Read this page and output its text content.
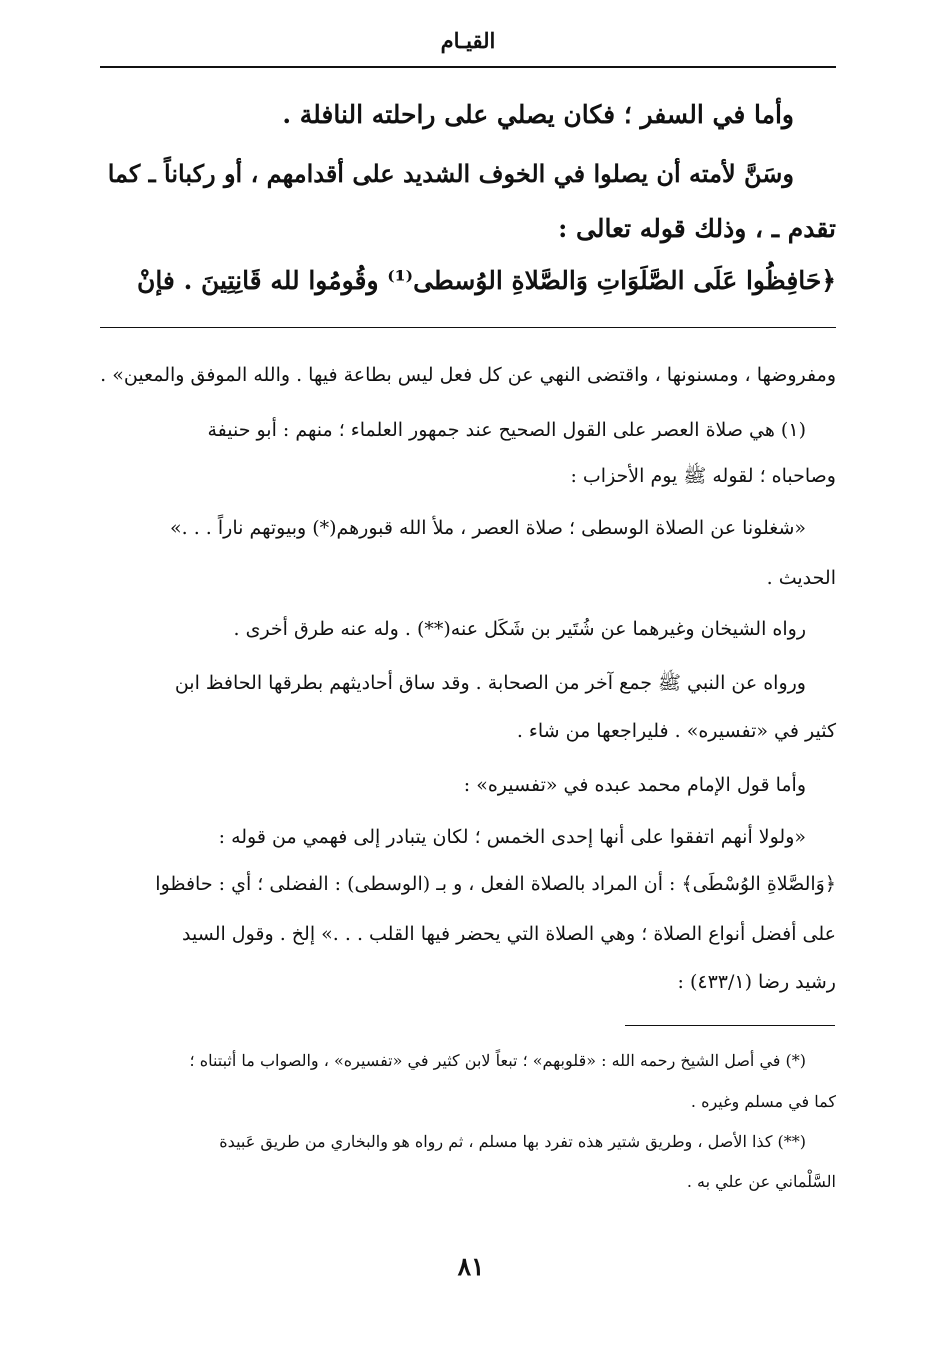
القيـام
وأما في السفر ؛ فكان يصلي على راحلته النافلة .
وسَنَّ لأمته أن يصلوا في الخوف الشديد على أقدامهم ، أو ركباناً ـ كما
تقدم ـ ، وذلك قوله تعالى :
﴿حَافِظُوا عَلَى الصَّلَوَاتِ وَالصَّلاةِ الوُسطى⁽¹⁾ وقُومُوا لله قَانِتِينَ . فإنْ
ومفروضها ، ومسنونها ، واقتضى النهي عن كل فعل ليس بطاعة فيها . والله الموفق والمعين» .
(١) هي صلاة العصر على القول الصحيح عند جمهور العلماء ؛ منهم : أبو حنيفة
وصاحباه ؛ لقوله ﷺ يوم الأحزاب :
«شغلونا عن الصلاة الوسطى ؛ صلاة العصر ، ملأ الله قبورهم(*) وبيوتهم ناراً . . .»
الحديث .
رواه الشيخان وغيرهما عن شُتَير بن شَكَل عنه(**) . وله عنه طرق أخرى .
ورواه عن النبي ﷺ جمع آخر من الصحابة . وقد ساق أحاديثهم بطرقها الحافظ ابن
كثير في «تفسيره» . فليراجعها من شاء .
وأما قول الإمام محمد عبده في «تفسيره» :
«ولولا أنهم اتفقوا على أنها إحدى الخمس ؛ لكان يتبادر إلى فهمي من قوله :
﴿وَالصَّلاةِ الوُسْطَى﴾ : أن المراد بالصلاة الفعل ، و بـ (الوسطى) : الفضلى ؛ أي : حافظوا
على أفضل أنواع الصلاة ؛ وهي الصلاة التي يحضر فيها القلب . . .» إلخ . وقول السيد
رشيد رضا (٤٣٣/١) :
(*) في أصل الشيخ رحمه الله : «قلوبهم» ؛ تبعاً لابن كثير في «تفسيره» ، والصواب ما أثبتناه ؛
كما في مسلم وغيره .
(**) كذا الأصل ، وطريق شتير هذه تفرد بها مسلم ، ثم رواه هو والبخاري من طريق عَبيدة
السَّلْماني عن علي به .
٨١
